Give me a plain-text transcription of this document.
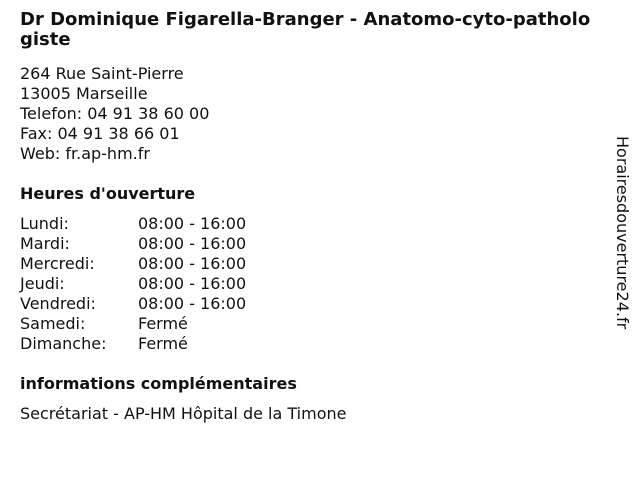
Dr Dominique Figarella-Branger - Anatomo-cyto-pathologiste
264 Rue Saint-Pierre
13005 Marseille
Telefon: 04 91 38 60 00
Fax: 04 91 38 66 01
Web: fr.ap-hm.fr
Heures d'ouverture
Lundi:	08:00 - 16:00
Mardi:	08:00 - 16:00
Mercredi:	08:00 - 16:00
Jeudi:	08:00 - 16:00
Vendredi:	08:00 - 16:00
Samedi:	Fermé
Dimanche:	Fermé
informations complémentaires
Secrétariat - AP-HM Hôpital de la Timone
Horairesdouverture24.fr
